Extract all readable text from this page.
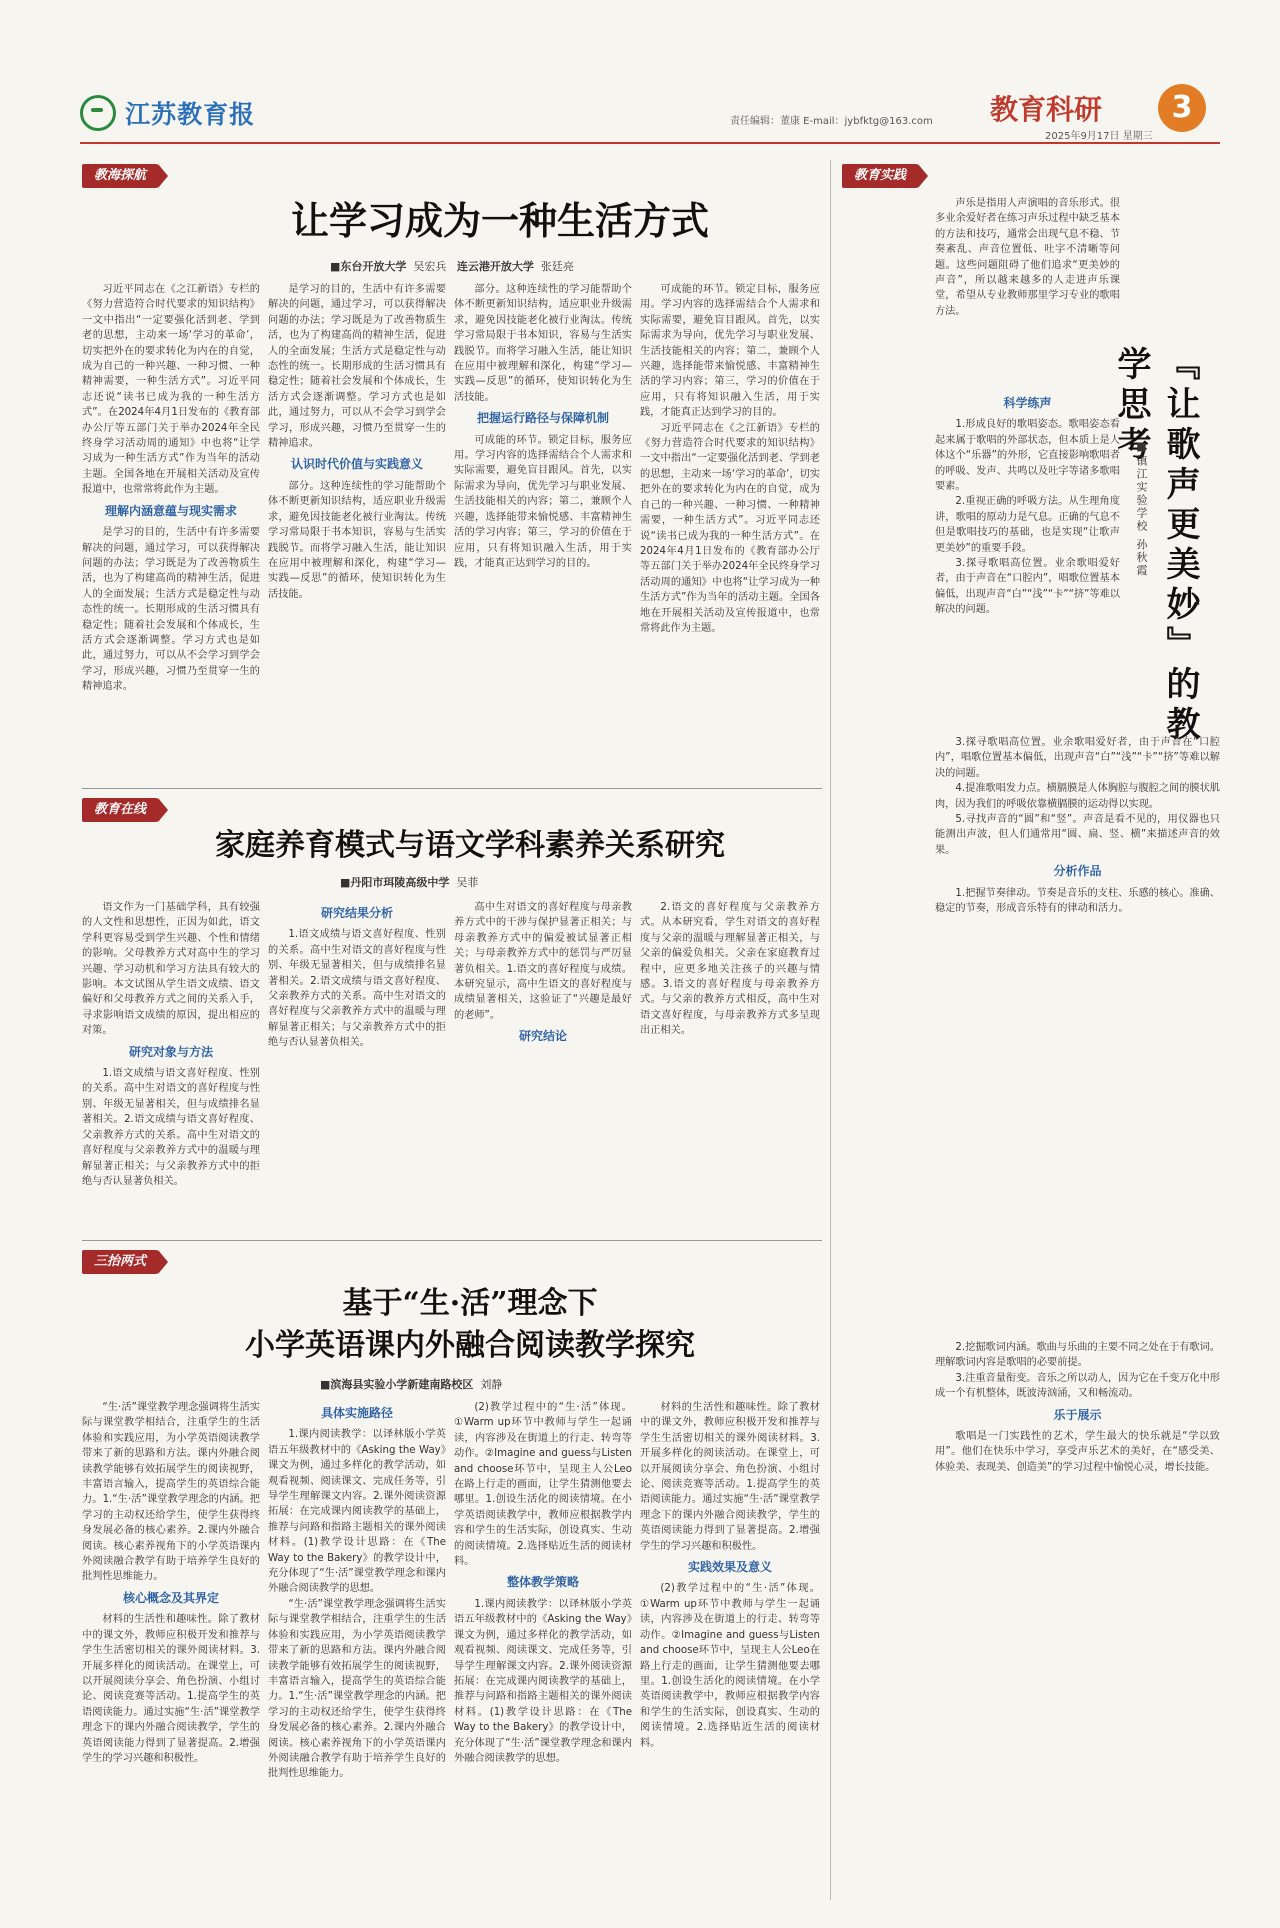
江苏教育报	责任编辑：董康 E-mail：jybfktg@163.com	教育科研
2025年9月17日 星期三
3
教海探航
让学习成为一种生活方式
■东台开放大学 吴宏兵 连云港开放大学 张廷亮

习近平同志在《之江新语》专栏的《努力营造符合时代要求的知识结构》一文中指出“一定要强化活到老、学到老的思想，主动来一场‘学习的革命’，切实把外在的要求转化为内在的自觉，成为自己的一种兴趣、一种习惯、一种精神需要，一种生活方式”。习近平同志还说“读书已成为我的一种生活方式”。在2024年4月1日发布的《教育部办公厅等五部门关于举办2024年全民终身学习活动周的通知》中也将“让学习成为一种生活方式”作为当年的活动主题。全国各地在开展相关活动及宣传报道中，也常常将此作为主题。

理解内涵意蕴与现实需求

是学习的目的，生活中有许多需要解决的问题，通过学习，可以获得解决问题的办法；学习既是为了改善物质生活，也为了构建高尚的精神生活，促进人的全面发展；生活方式是稳定性与动态性的统一。长期形成的生活习惯具有稳定性；随着社会发展和个体成长，生活方式会逐渐调整。学习方式也是如此，通过努力，可以从不会学习到学会学习，形成兴趣，习惯乃至贯穿一生的精神追求。

是学习的目的，生活中有许多需要解决的问题，通过学习，可以获得解决问题的办法；学习既是为了改善物质生活，也为了构建高尚的精神生活，促进人的全面发展；生活方式是稳定性与动态性的统一。长期形成的生活习惯具有稳定性；随着社会发展和个体成长，生活方式会逐渐调整。学习方式也是如此，通过努力，可以从不会学习到学会学习，形成兴趣，习惯乃至贯穿一生的精神追求。

认识时代价值与实践意义

部分。这种连续性的学习能帮助个体不断更新知识结构，适应职业升级需求，避免因技能老化被行业淘汰。传统学习常局限于书本知识，容易与生活实践脱节。而将学习融入生活，能让知识在应用中被理解和深化，构建“学习—实践—反思”的循环，使知识转化为生活技能。

部分。这种连续性的学习能帮助个体不断更新知识结构，适应职业升级需求，避免因技能老化被行业淘汰。传统学习常局限于书本知识，容易与生活实践脱节。而将学习融入生活，能让知识在应用中被理解和深化，构建“学习—实践—反思”的循环，使知识转化为生活技能。

把握运行路径与保障机制

可成能的环节。锁定目标，服务应用。学习内容的选择需结合个人需求和实际需要，避免盲目跟风。首先，以实际需求为导向，优先学习与职业发展、生活技能相关的内容；第二，兼顾个人兴趣，选择能带来愉悦感、丰富精神生活的学习内容；第三，学习的价值在于应用，只有将知识融入生活，用于实践，才能真正达到学习的目的。

可成能的环节。锁定目标，服务应用。学习内容的选择需结合个人需求和实际需要，避免盲目跟风。首先，以实际需求为导向，优先学习与职业发展、生活技能相关的内容；第二，兼顾个人兴趣，选择能带来愉悦感、丰富精神生活的学习内容；第三，学习的价值在于应用，只有将知识融入生活，用于实践，才能真正达到学习的目的。

习近平同志在《之江新语》专栏的《努力营造符合时代要求的知识结构》一文中指出“一定要强化活到老、学到老的思想，主动来一场‘学习的革命’，切实把外在的要求转化为内在的自觉，成为自己的一种兴趣、一种习惯、一种精神需要，一种生活方式”。习近平同志还说“读书已成为我的一种生活方式”。在2024年4月1日发布的《教育部办公厅等五部门关于举办2024年全民终身学习活动周的通知》中也将“让学习成为一种生活方式”作为当年的活动主题。全国各地在开展相关活动及宣传报道中，也常常将此作为主题。

教育在线
家庭养育模式与语文学科素养关系研究
■丹阳市珥陵高级中学 吴菲

语文作为一门基础学科，具有较强的人文性和思想性，正因为如此，语文学科更容易受到学生兴趣、个性和情绪的影响。父母教养方式对高中生的学习兴趣、学习动机和学习方法具有较大的影响。本文试图从学生语文成绩、语文偏好和父母教养方式之间的关系入手，寻求影响语文成绩的原因，提出相应的对策。

研究对象与方法

1.语文成绩与语文喜好程度、性别的关系。高中生对语文的喜好程度与性别、年级无显著相关，但与成绩排名显著相关。2.语文成绩与语文喜好程度、父亲教养方式的关系。高中生对语文的喜好程度与父亲教养方式中的温暖与理解显著正相关；与父亲教养方式中的拒绝与否认显著负相关。

研究结果分析

1.语文成绩与语文喜好程度、性别的关系。高中生对语文的喜好程度与性别、年级无显著相关，但与成绩排名显著相关。2.语文成绩与语文喜好程度、父亲教养方式的关系。高中生对语文的喜好程度与父亲教养方式中的温暖与理解显著正相关；与父亲教养方式中的拒绝与否认显著负相关。

高中生对语文的喜好程度与母亲教养方式中的干涉与保护显著正相关；与母亲教养方式中的偏爱被试显著正相关；与母亲教养方式中的惩罚与严厉显著负相关。1.语文的喜好程度与成绩。本研究显示，高中生语文的喜好程度与成绩显著相关，这验证了“兴趣是最好的老师”。

研究结论

2.语文的喜好程度与父亲教养方式。从本研究看，学生对语文的喜好程度与父亲的温暖与理解显著正相关，与父亲的偏爱负相关。父亲在家庭教育过程中，应更多地关注孩子的兴趣与情感。3.语文的喜好程度与母亲教养方式。与父亲的教养方式相反，高中生对语文喜好程度，与母亲教养方式多呈现出正相关。

三抬两式
基于“生·活”理念下
小学英语课内外融合阅读教学探究
■滨海县实验小学新建南路校区 刘静

“生·活”课堂教学理念强调将生活实际与课堂教学相结合，注重学生的生活体验和实践应用，为小学英语阅读教学带来了新的思路和方法。课内外融合阅读教学能够有效拓展学生的阅读视野，丰富语言输入，提高学生的英语综合能力。1.“生·活”课堂教学理念的内涵。把学习的主动权还给学生，使学生获得终身发展必备的核心素养。2.课内外融合阅读。核心素养视角下的小学英语课内外阅读融合教学有助于培养学生良好的批判性思维能力。

核心概念及其界定

材料的生活性和趣味性。除了教材中的课文外，教师应积极开发和推荐与学生生活密切相关的课外阅读材料。3.开展多样化的阅读活动。在课堂上，可以开展阅读分享会、角色扮演、小组讨论、阅读竞赛等活动。1.提高学生的英语阅读能力。通过实施“生·活”课堂教学理念下的课内外融合阅读教学，学生的英语阅读能力得到了显著提高。2.增强学生的学习兴趣和积极性。

具体实施路径

1.课内阅读教学：以译林版小学英语五年级教材中的《Asking the Way》课文为例，通过多样化的教学活动，如观看视频、阅读课文、完成任务等，引导学生理解课文内容。2.课外阅读资源拓展：在完成课内阅读教学的基础上，推荐与问路和指路主题相关的课外阅读材料。(1)教学设计思路：在《The Way to the Bakery》的教学设计中，充分体现了“生·活”课堂教学理念和课内外融合阅读教学的思想。

“生·活”课堂教学理念强调将生活实际与课堂教学相结合，注重学生的生活体验和实践应用，为小学英语阅读教学带来了新的思路和方法。课内外融合阅读教学能够有效拓展学生的阅读视野，丰富语言输入，提高学生的英语综合能力。1.“生·活”课堂教学理念的内涵。把学习的主动权还给学生，使学生获得终身发展必备的核心素养。2.课内外融合阅读。核心素养视角下的小学英语课内外阅读融合教学有助于培养学生良好的批判性思维能力。

(2)教学过程中的“生·活”体现。①Warm up环节中教师与学生一起诵读，内容涉及在街道上的行走、转弯等动作。②Imagine and guess与Listen and choose环节中，呈现主人公Leo在路上行走的画面，让学生猜测他要去哪里。1.创设生活化的阅读情境。在小学英语阅读教学中，教师应根据教学内容和学生的生活实际，创设真实、生动的阅读情境。2.选择贴近生活的阅读材料。

整体教学策略

1.课内阅读教学：以译林版小学英语五年级教材中的《Asking the Way》课文为例，通过多样化的教学活动，如观看视频、阅读课文、完成任务等，引导学生理解课文内容。2.课外阅读资源拓展：在完成课内阅读教学的基础上，推荐与问路和指路主题相关的课外阅读材料。(1)教学设计思路：在《The Way to the Bakery》的教学设计中，充分体现了“生·活”课堂教学理念和课内外融合阅读教学的思想。

材料的生活性和趣味性。除了教材中的课文外，教师应积极开发和推荐与学生生活密切相关的课外阅读材料。3.开展多样化的阅读活动。在课堂上，可以开展阅读分享会、角色扮演、小组讨论、阅读竞赛等活动。1.提高学生的英语阅读能力。通过实施“生·活”课堂教学理念下的课内外融合阅读教学，学生的英语阅读能力得到了显著提高。2.增强学生的学习兴趣和积极性。

实践效果及意义

(2)教学过程中的“生·活”体现。①Warm up环节中教师与学生一起诵读，内容涉及在街道上的行走、转弯等动作。②Imagine and guess与Listen and choose环节中，呈现主人公Leo在路上行走的画面，让学生猜测他要去哪里。1.创设生活化的阅读情境。在小学英语阅读教学中，教师应根据教学内容和学生的生活实际，创设真实、生动的阅读情境。2.选择贴近生活的阅读材料。

教育实践
『让歌声更美妙』的教学思考
■镇江实验学校 孙秋霞

声乐是指用人声演唱的音乐形式。很多业余爱好者在练习声乐过程中缺乏基本的方法和技巧，通常会出现气息不稳、节奏紊乱、声音位置低、吐字不清晰等问题。这些问题阻碍了他们追求“更美妙的声音”，所以越来越多的人走进声乐课堂，希望从专业教师那里学习专业的歌唱方法。

科学练声

1.形成良好的歌唱姿态。歌唱姿态看起来属于歌唱的外部状态，但本质上是人体这个“乐器”的外形，它直接影响歌唱者的呼吸、发声、共鸣以及吐字等诸多歌唱要素。

2.重视正确的呼吸方法。从生理角度讲，歌唱的原动力是气息。正确的气息不但是歌唱技巧的基础，也是实现“让歌声更美妙”的重要手段。

3.探寻歌唱高位置。业余歌唱爱好者，由于声音在“口腔内”，唱歌位置基本偏低，出现声音“白”“浅”“卡”“挤”等难以解决的问题。

3.探寻歌唱高位置。业余歌唱爱好者，由于声音在“口腔内”，唱歌位置基本偏低，出现声音“白”“浅”“卡”“挤”等难以解决的问题。

4.提准歌唱发力点。横膈膜是人体胸腔与腹腔之间的膜状肌肉，因为我们的呼吸依靠横膈膜的运动得以实现。

5.寻找声音的“圆”和“竖”。声音是看不见的，用仪器也只能测出声波，但人们通常用“圆、扁、竖、横”来描述声音的效果。

分析作品

1.把握节奏律动。节奏是音乐的支柱、乐感的核心。准确、稳定的节奏，形成音乐特有的律动和活力。

2.挖掘歌词内涵。歌曲与乐曲的主要不同之处在于有歌词。理解歌词内容是歌唱的必要前提。

3.注重音量衔变。音乐之所以动人，因为它在千变万化中形成一个有机整体，既波涛汹涌，又和畅流动。

乐于展示

歌唱是一门实践性的艺术，学生最大的快乐就是“学以致用”。他们在快乐中学习，享受声乐艺术的美好，在“感受美、体验美、表现美、创造美”的学习过程中愉悦心灵，增长技能。
